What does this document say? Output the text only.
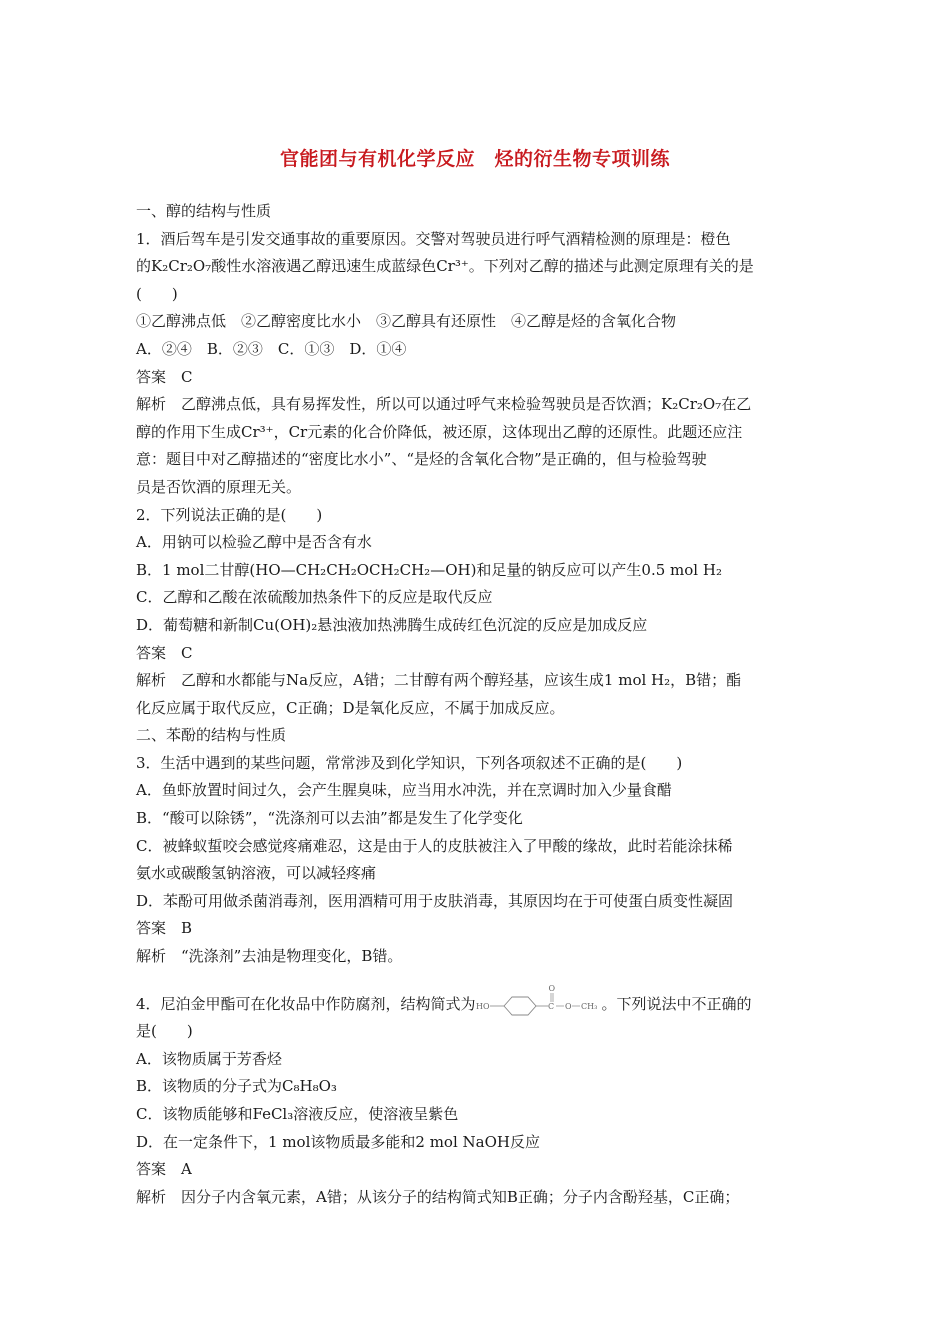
官能团与有机化学反应　烃的衍生物专项训练

一、醇的结构与性质

1．酒后驾车是引发交通事故的重要原因。交警对驾驶员进行呼气酒精检测的原理是：橙色

的K₂Cr₂O₇酸性水溶液遇乙醇迅速生成蓝绿色Cr³⁺。下列对乙醇的描述与此测定原理有关的是

(　　)

①乙醇沸点低　②乙醇密度比水小　③乙醇具有还原性　④乙醇是烃的含氧化合物

A．②④　B．②③　C．①③　D．①④

答案　C

解析　乙醇沸点低，具有易挥发性，所以可以通过呼气来检验驾驶员是否饮酒；K₂Cr₂O₇在乙

醇的作用下生成Cr³⁺，Cr元素的化合价降低，被还原，这体现出乙醇的还原性。此题还应注

意：题目中对乙醇描述的“密度比水小”、“是烃的含氧化合物”是正确的，但与检验驾驶

员是否饮酒的原理无关。

2．下列说法正确的是(　　)

A．用钠可以检验乙醇中是否含有水

B．1 mol二甘醇(HO—CH₂CH₂OCH₂CH₂—OH)和足量的钠反应可以产生0.5 mol H₂

C．乙醇和乙酸在浓硫酸加热条件下的反应是取代反应

D．葡萄糖和新制Cu(OH)₂悬浊液加热沸腾生成砖红色沉淀的反应是加成反应

答案　C

解析　乙醇和水都能与Na反应，A错；二甘醇有两个醇羟基，应该生成1 mol H₂，B错；酯

化反应属于取代反应，C正确；D是氧化反应，不属于加成反应。

二、苯酚的结构与性质

3．生活中遇到的某些问题，常常涉及到化学知识，下列各项叙述不正确的是(　　)

A．鱼虾放置时间过久，会产生腥臭味，应当用水冲洗，并在烹调时加入少量食醋

B．“酸可以除锈”，“洗涤剂可以去油”都是发生了化学变化

C．被蜂蚁蜇咬会感觉疼痛难忍，这是由于人的皮肤被注入了甲酸的缘故，此时若能涂抹稀

氨水或碳酸氢钠溶液，可以减轻疼痛

D．苯酚可用做杀菌消毒剂，医用酒精可用于皮肤消毒，其原因均在于可使蛋白质变性凝固

答案　B

解析　“洗涤剂”去油是物理变化，B错。

4．尼泊金甲酯可在化妆品中作防腐剂，结构简式为 HO	C
O
O CH₃ 。下列说法中不正确的

是(　　)

A．该物质属于芳香烃

B．该物质的分子式为C₈H₈O₃

C．该物质能够和FeCl₃溶液反应，使溶液呈紫色

D．在一定条件下，1 mol该物质最多能和2 mol NaOH反应

答案　A

解析　因分子内含氧元素，A错；从该分子的结构简式知B正确；分子内含酚羟基，C正确；
